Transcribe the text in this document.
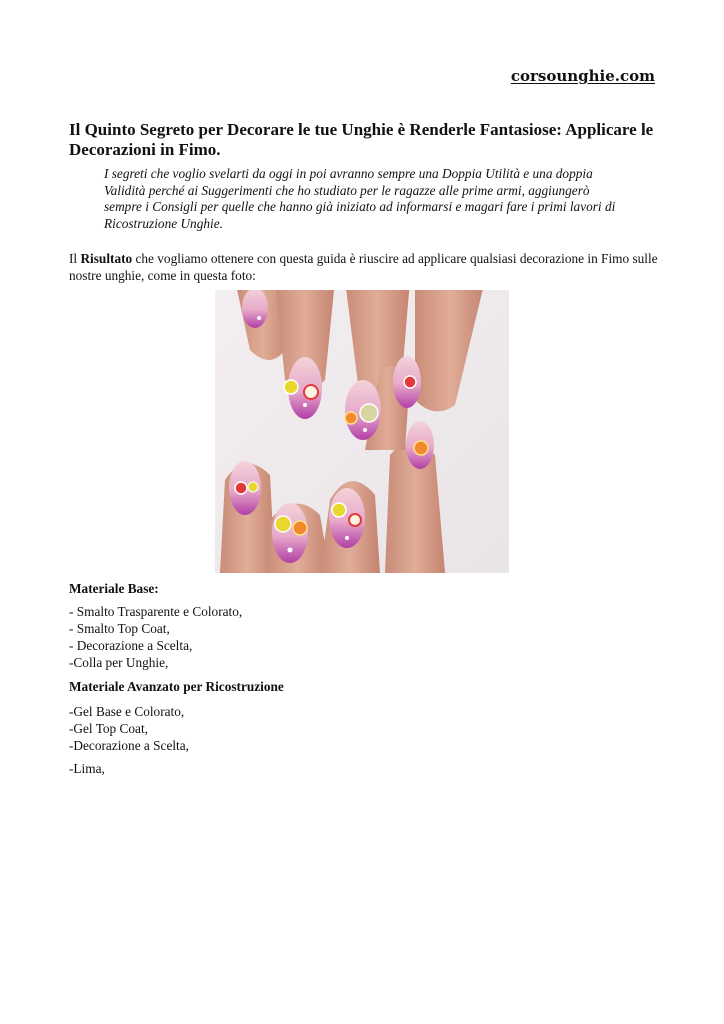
corsounghie.com
Il Quinto Segreto per Decorare le tue Unghie è Renderle Fantasiose: Applicare le Decorazioni in Fimo.

I segreti che voglio svelarti da oggi in poi avranno sempre una Doppia Utilità e una doppia Validità perché ai Suggerimenti che ho studiato per le ragazze alle prime armi, aggiungerò sempre i Consigli per quelle che hanno già iniziato ad informarsi e magari fare i primi lavori di Ricostruzione Unghie.

Il Risultato che vogliamo ottenere con questa guida è riuscire ad applicare qualsiasi decorazione in Fimo sulle nostre unghie, come in questa foto:

Materiale Base:
- Smalto Trasparente e Colorato,
- Smalto Top Coat,
- Decorazione a Scelta,
-Colla per Unghie,
Materiale Avanzato per Ricostruzione
-Gel Base e Colorato,
-Gel Top Coat,
-Decorazione a Scelta,

-Lima,
